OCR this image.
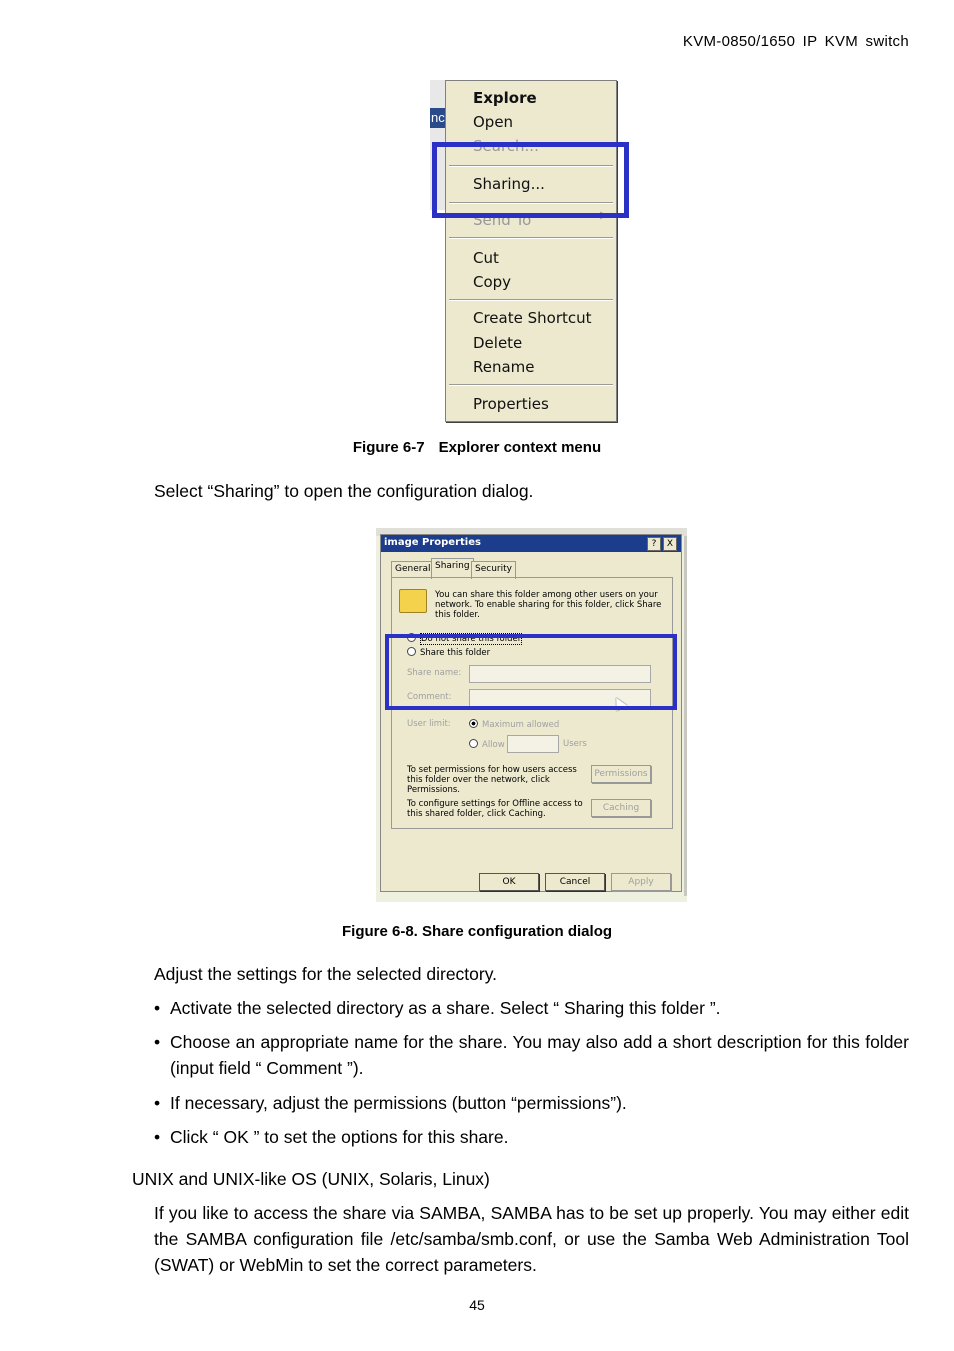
KVM-0850/1650 IP KVM switch
nc
Explore
Open
Search...
Sharing...
Send To	▶
Cut
Copy
Create Shortcut
Delete
Rename
Properties
Figure 6-7 Explorer context menu
Select “Sharing” to open the configuration dialog.
image Properties	?	X
General Sharing Security
You can share this folder among other users on your network. To enable sharing for this folder, click Share this folder.
Do not share this folder
Share this folder
Share name:
Comment:
User limit:	Maximum allowed
Allow	Users
To set permissions for how users access this folder over the network, click Permissions.
Permissions
To configure settings for Offline access to this shared folder, click Caching.
Caching
OK	Cancel	Apply
Figure 6-8. Share configuration dialog
Adjust the settings for the selected directory.
• Activate the selected directory as a share. Select “ Sharing this folder ”.
• Choose an appropriate name for the share. You may also add a short description for this folder (input field “ Comment ”).
• If necessary, adjust the permissions (button “permissions”).
• Click “ OK ” to set the options for this share.
UNIX and UNIX-like OS (UNIX, Solaris, Linux)
If you like to access the share via SAMBA, SAMBA has to be set up properly. You may either edit the SAMBA configuration file /etc/samba/smb.conf, or use the Samba Web Administration Tool (SWAT) or WebMin to set the correct parameters.
45
